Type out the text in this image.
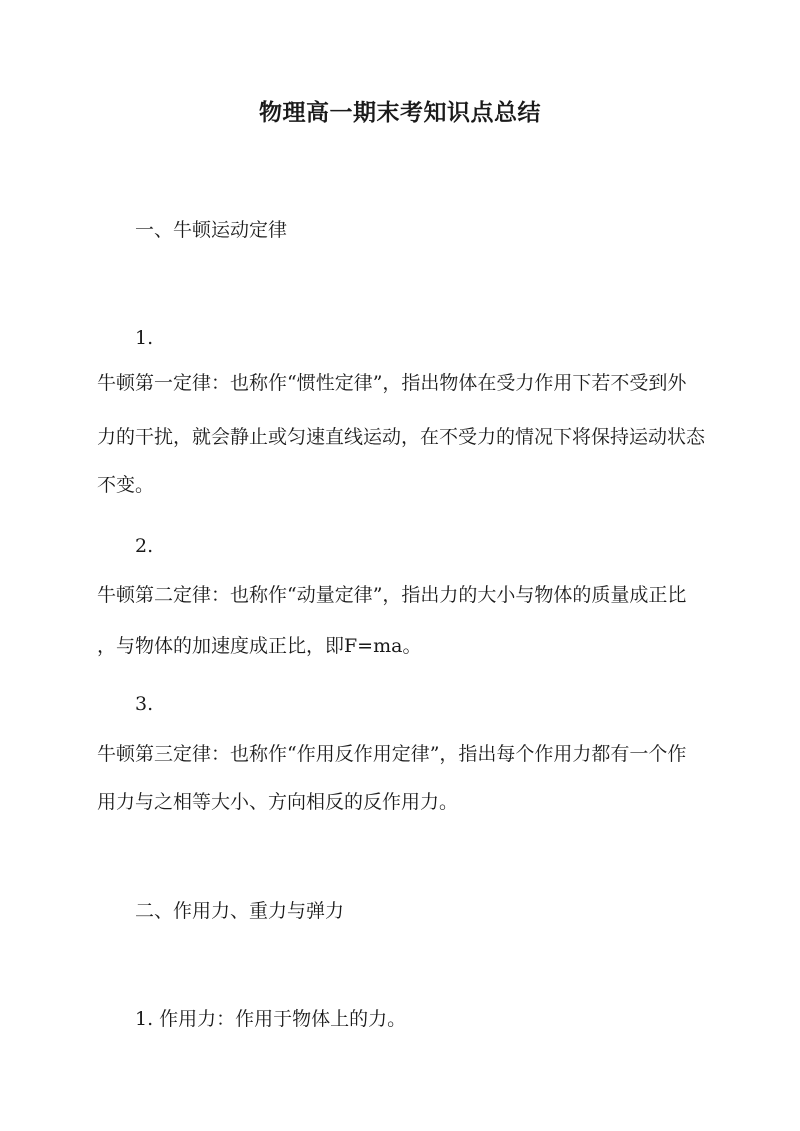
物理高一期末考知识点总结
一、牛顿运动定律
1.
牛顿第一定律：也称作“惯性定律”，指出物体在受力作用下若不受到外
力的干扰，就会静止或匀速直线运动，在不受力的情况下将保持运动状态
不变。
2.
牛顿第二定律：也称作“动量定律”，指出力的大小与物体的质量成正比
，与物体的加速度成正比，即F=ma。
3.
牛顿第三定律：也称作“作用反作用定律”，指出每个作用力都有一个作
用力与之相等大小、方向相反的反作用力。
二、作用力、重力与弹力
1. 作用力：作用于物体上的力。
